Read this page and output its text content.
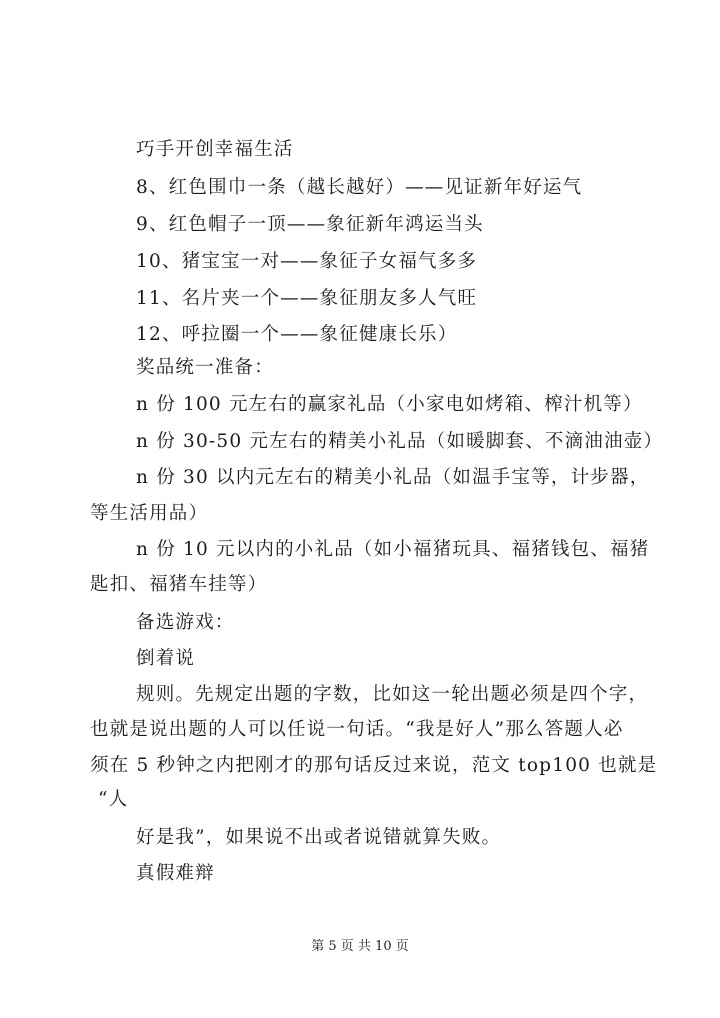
巧手开创幸福生活
8、红色围巾一条（越长越好）——见证新年好运气
9、红色帽子一顶——象征新年鸿运当头
10、猪宝宝一对——象征子女福气多多
11、名片夹一个——象征朋友多人气旺
12、呼拉圈一个——象征健康长乐）
奖品统一准备：
n 份 100 元左右的赢家礼品（小家电如烤箱、榨汁机等）
n 份 30-50 元左右的精美小礼品（如暖脚套、不滴油油壶）
n 份 30 以内元左右的精美小礼品（如温手宝等，计步器，
等生活用品）
n 份 10 元以内的小礼品（如小福猪玩具、福猪钱包、福猪
匙扣、福猪车挂等）
备选游戏：
倒着说
规则。先规定出题的字数，比如这一轮出题必须是四个字，
也就是说出题的人可以任说一句话。“我是好人”那么答题人必
须在 5 秒钟之内把刚才的那句话反过来说，范文 top100 也就是
“人
好是我”，如果说不出或者说错就算失败。
真假难辩
第 5 页 共 10 页
